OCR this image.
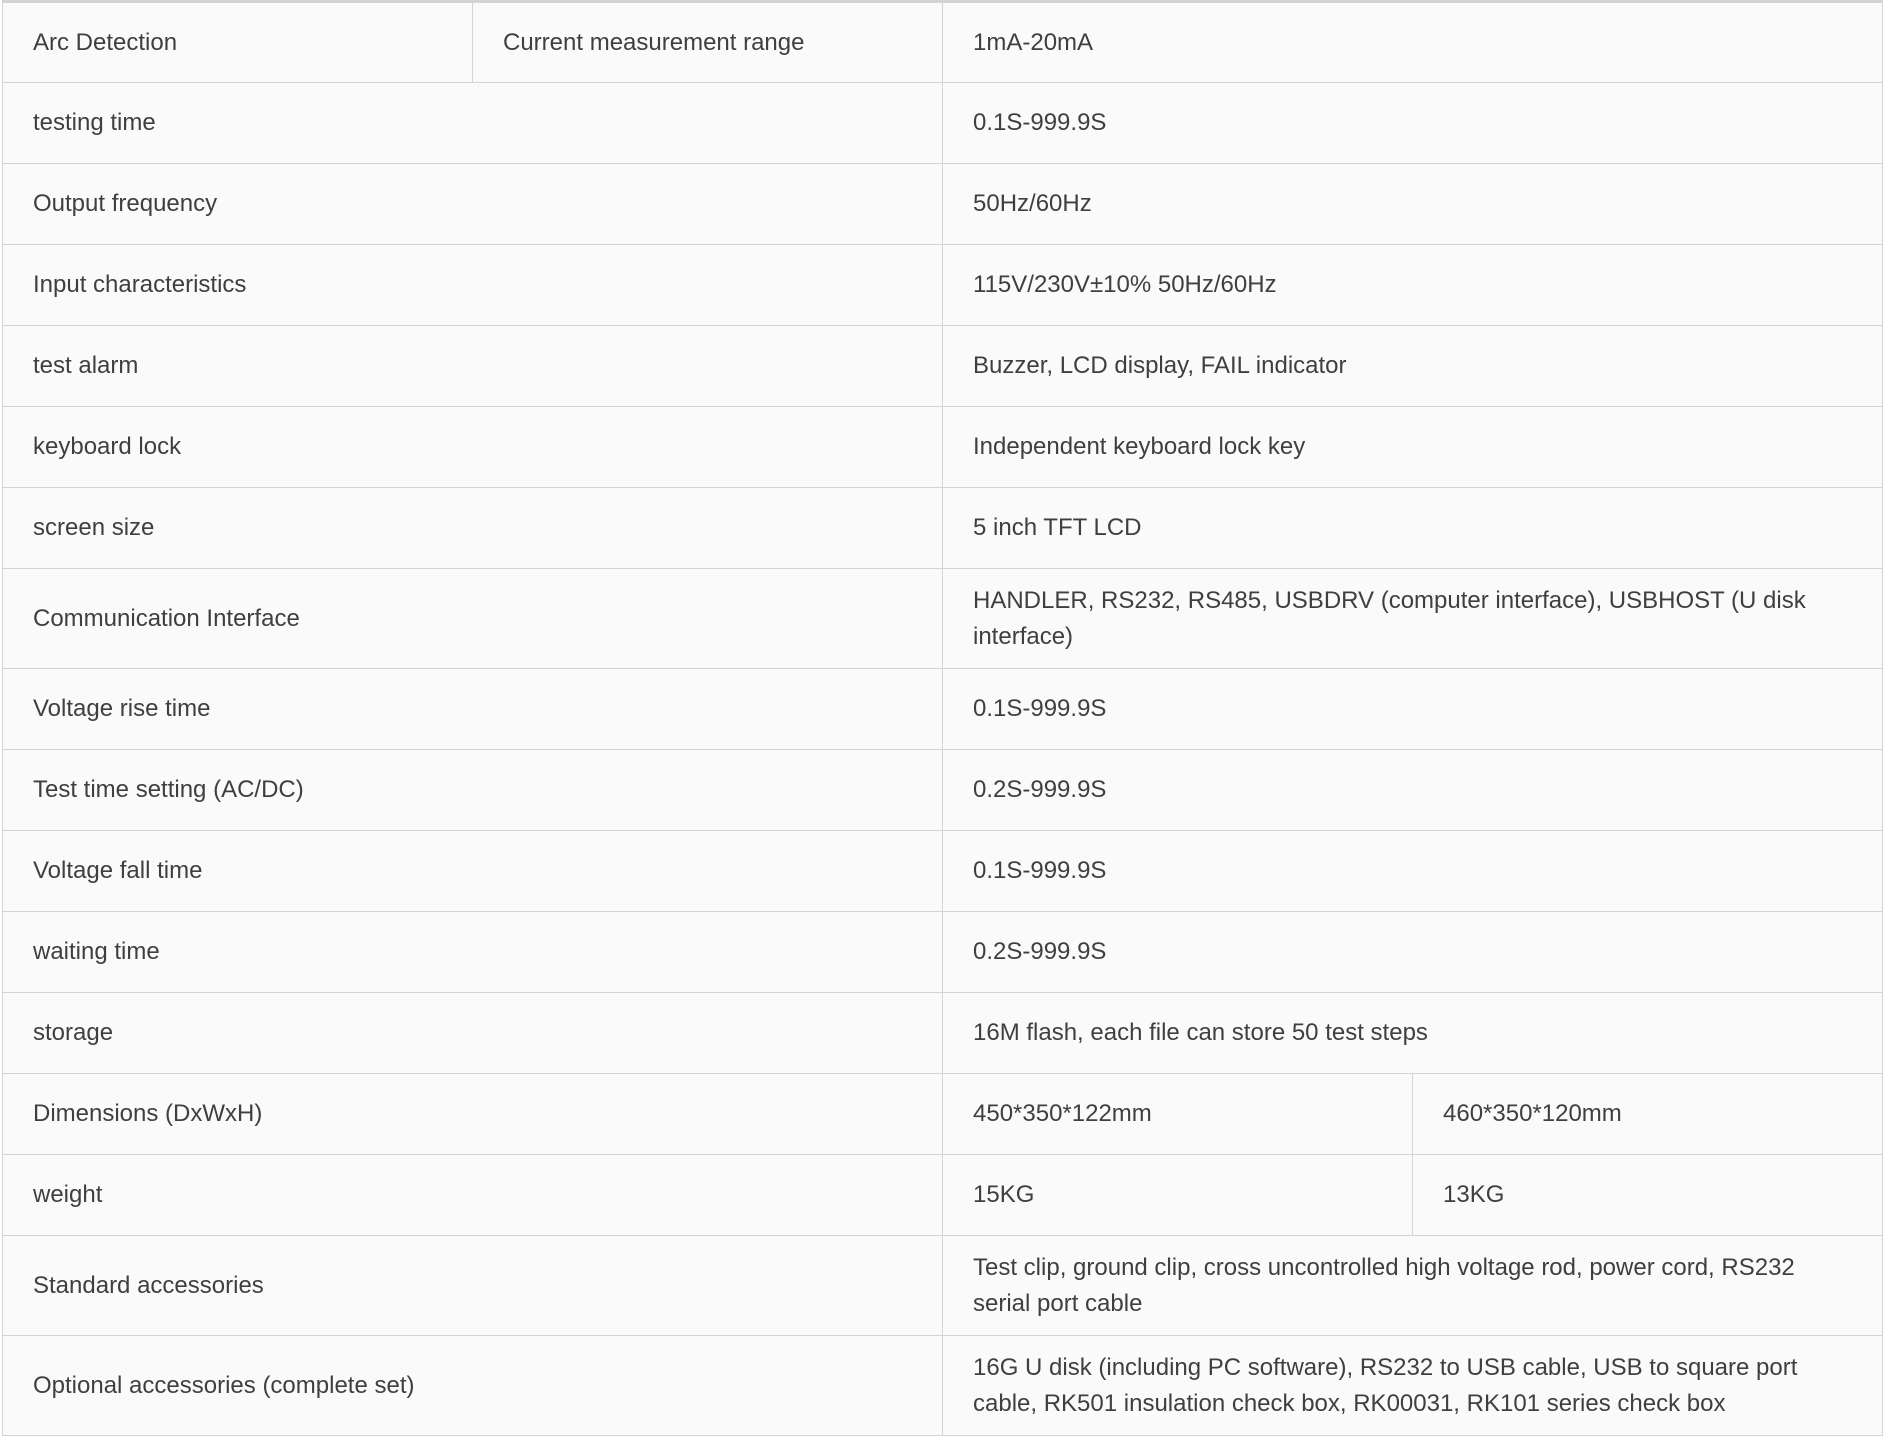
Arc Detection	Current measurement range	1mA-20mA	
testing time		0.1S-999.9S	
Output frequency		50Hz/60Hz	
Input characteristics		115V/230V±10% 50Hz/60Hz	
test alarm		Buzzer, LCD display, FAIL indicator	
keyboard lock		Independent keyboard lock key	
screen size		5 inch TFT LCD	
Communication Interface		HANDLER, RS232, RS485, USBDRV (computer interface), USBHOST (U disk interface)	
Voltage rise time		0.1S-999.9S	
Test time setting (AC/DC)		0.2S-999.9S	
Voltage fall time		0.1S-999.9S	
waiting time		0.2S-999.9S	
storage		16M flash, each file can store 50 test steps	
Dimensions (DxWxH)		450*350*122mm	460*350*120mm
weight		15KG	13KG
Standard accessories		Test clip, ground clip, cross uncontrolled high voltage rod, power cord, RS232 serial port cable	
Optional accessories (complete set)		16G U disk (including PC software), RS232 to USB cable, USB to square port cable, RK501 insulation check box, RK00031, RK101 series check box	
